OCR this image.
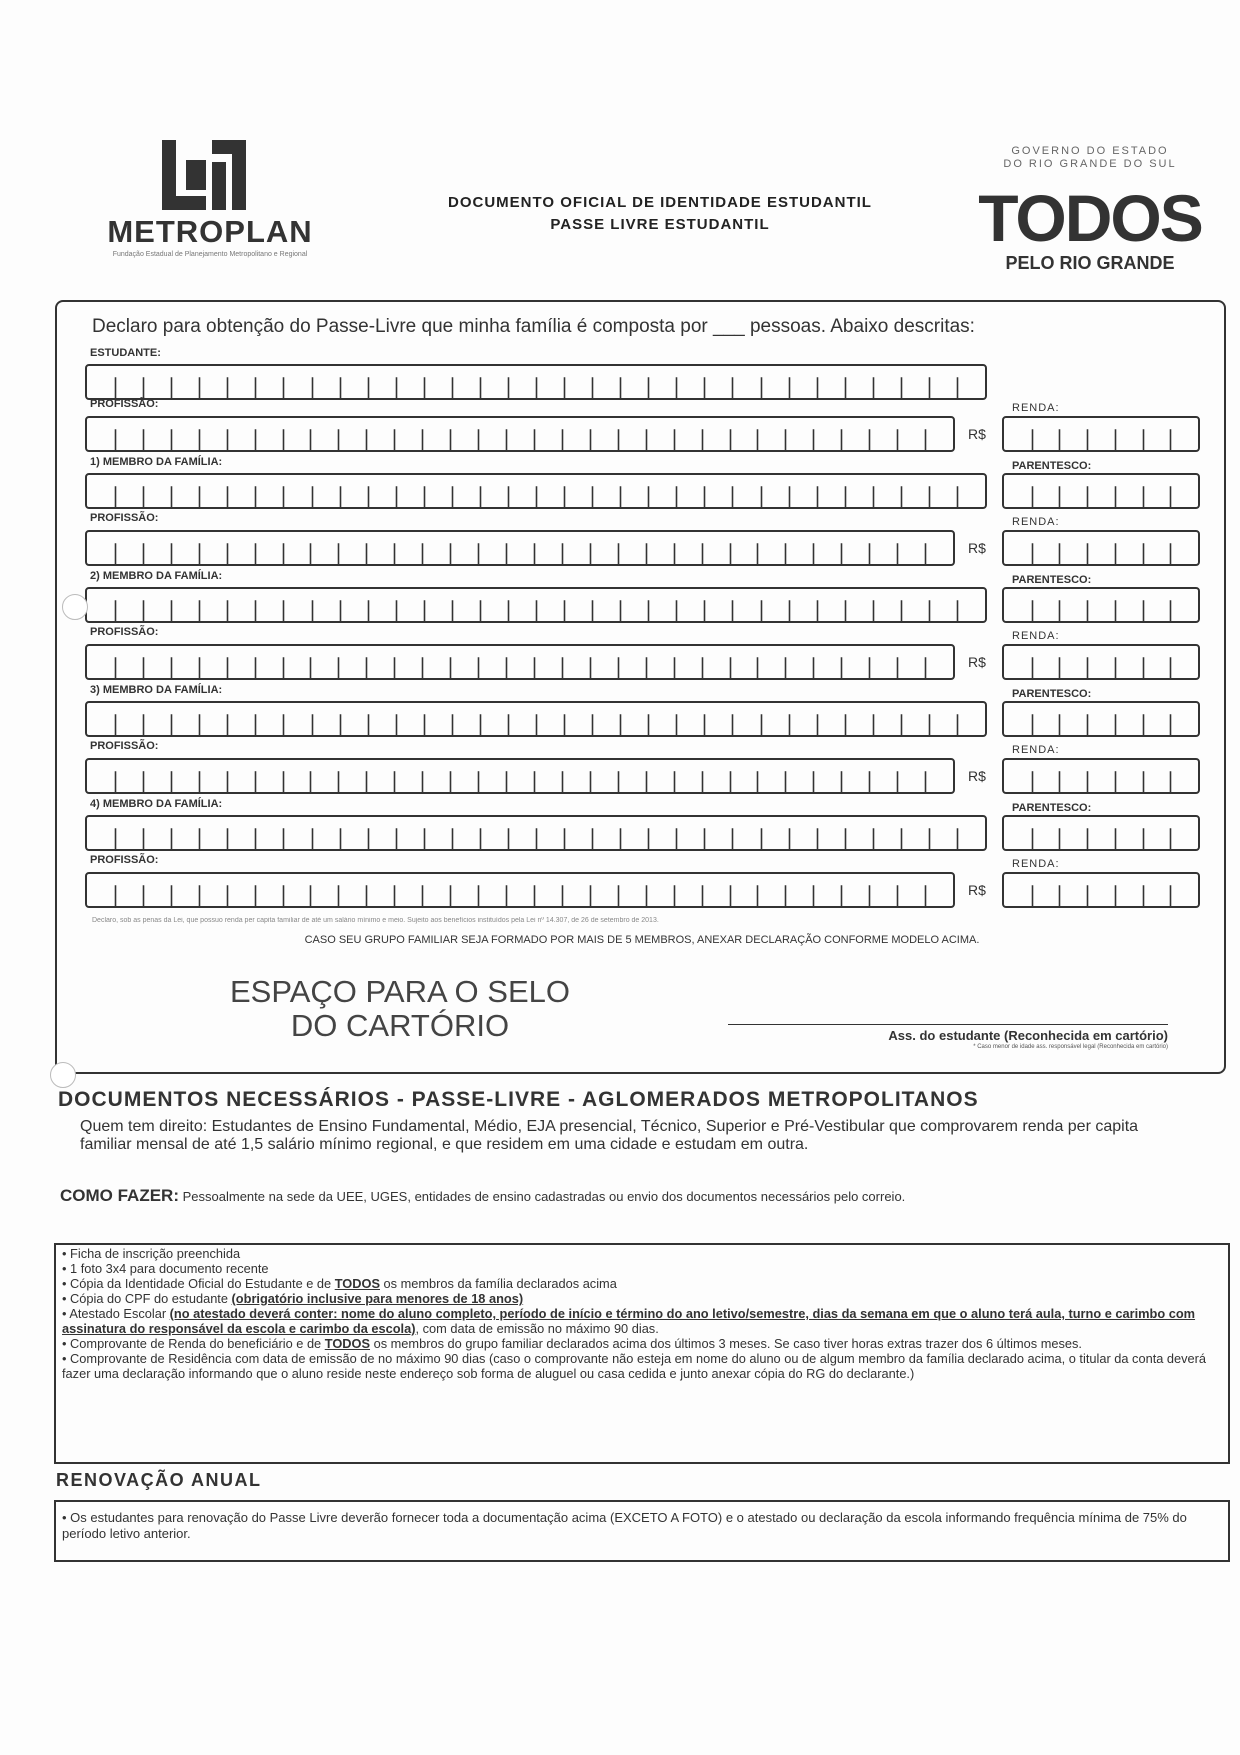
METROPLAN
Fundação Estadual de Planejamento Metropolitano e Regional
DOCUMENTO OFICIAL DE IDENTIDADE ESTUDANTIL
PASSE LIVRE ESTUDANTIL
GOVERNO DO ESTADO
DO RIO GRANDE DO SUL
TODOS
PELO RIO GRANDE
Declaro para obtenção do Passe-Livre que minha família é composta por ___ pessoas. Abaixo descritas:
ESTUDANTE:
PROFISSÃO:	RENDA:
R$
1) MEMBRO DA FAMÍLIA:	PARENTESCO:
PROFISSÃO:	RENDA:
R$
2) MEMBRO DA FAMÍLIA:	PARENTESCO:
PROFISSÃO:	RENDA:
R$
3) MEMBRO DA FAMÍLIA:	PARENTESCO:
PROFISSÃO:	RENDA:
R$
4) MEMBRO DA FAMÍLIA:	PARENTESCO:
PROFISSÃO:	RENDA:
R$
Declaro, sob as penas da Lei, que possuo renda per capita familiar de até um salário mínimo e meio. Sujeito aos benefícios instituídos pela Lei nº 14.307, de 26 de setembro de 2013.
CASO SEU GRUPO FAMILIAR SEJA FORMADO POR MAIS DE 5 MEMBROS, ANEXAR DECLARAÇÃO CONFORME MODELO ACIMA.
ESPAÇO PARA O SELO
DO CARTÓRIO	Ass. do estudante (Reconhecida em cartório)
* Caso menor de idade ass. responsável legal (Reconhecida em cartório)
DOCUMENTOS NECESSÁRIOS - PASSE-LIVRE - AGLOMERADOS METROPOLITANOS
Quem tem direito: Estudantes de Ensino Fundamental, Médio, EJA presencial, Técnico, Superior e Pré-Vestibular que comprovarem renda per capita familiar mensal de até 1,5 salário mínimo regional, e que residem em uma cidade e estudam em outra.
COMO FAZER: Pessoalmente na sede da UEE, UGES, entidades de ensino cadastradas ou envio dos documentos necessários pelo correio.
• Ficha de inscrição preenchida
• 1 foto 3x4 para documento recente
• Cópia da Identidade Oficial do Estudante e de TODOS os membros da família declarados acima
• Cópia do CPF do estudante (obrigatório inclusive para menores de 18 anos)
• Atestado Escolar (no atestado deverá conter: nome do aluno completo, período de início e término do ano letivo/semestre, dias da semana em que o aluno terá aula, turno e carimbo com assinatura do responsável da escola e carimbo da escola), com data de emissão no máximo 90 dias.
• Comprovante de Renda do beneficiário e de TODOS os membros do grupo familiar declarados acima dos últimos 3 meses. Se caso tiver horas extras trazer dos 6 últimos meses.
• Comprovante de Residência com data de emissão de no máximo 90 dias (caso o comprovante não esteja em nome do aluno ou de algum membro da família declarado acima, o titular da conta deverá fazer uma declaração informando que o aluno reside neste endereço sob forma de aluguel ou casa cedida e junto anexar cópia do RG do declarante.)
RENOVAÇÃO ANUAL
• Os estudantes para renovação do Passe Livre deverão fornecer toda a documentação acima (EXCETO A FOTO) e o atestado ou declaração da escola informando frequência mínima de 75% do período letivo anterior.
